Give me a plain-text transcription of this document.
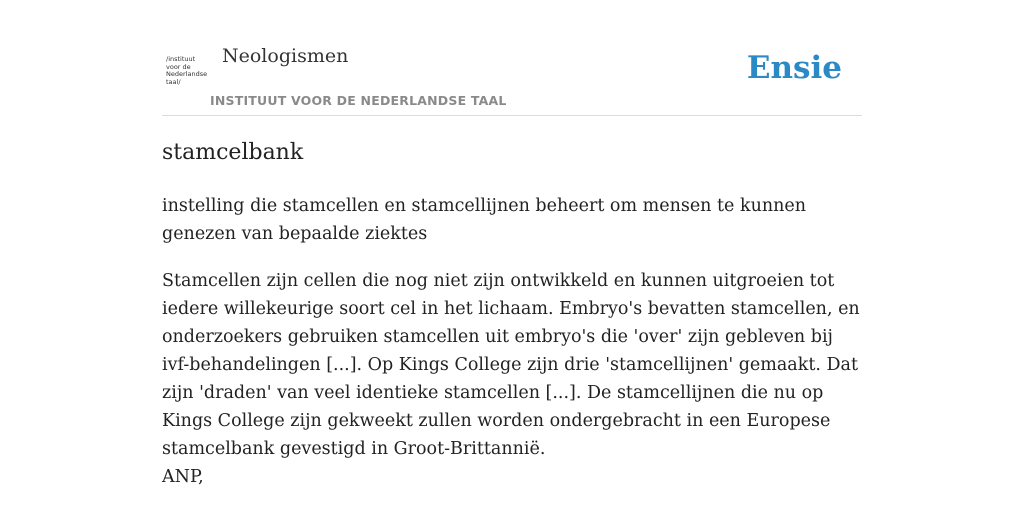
/instituut
voor de
Nederlandse
taal/
Neologismen
INSTITUUT VOOR DE NEDERLANDSE TAAL
Ensie
stamcelbank

instelling die stamcellen en stamcellijnen beheert om mensen te kunnen genezen van bepaalde ziektes

Stamcellen zijn cellen die nog niet zijn ontwikkeld en kunnen uitgroeien tot iedere willekeurige soort cel in het lichaam. Embryo's bevatten stamcellen, en onderzoekers gebruiken stamcellen uit embryo's die 'over' zijn gebleven bij ivf-behandelingen [...]. Op Kings College zijn drie 'stamcellijnen' gemaakt. Dat zijn 'draden' van veel identieke stamcellen [...]. De stamcellijnen die nu op Kings College zijn gekweekt zullen worden ondergebracht in een Europese stamcelbank gevestigd in Groot-Brittannië.
ANP,
